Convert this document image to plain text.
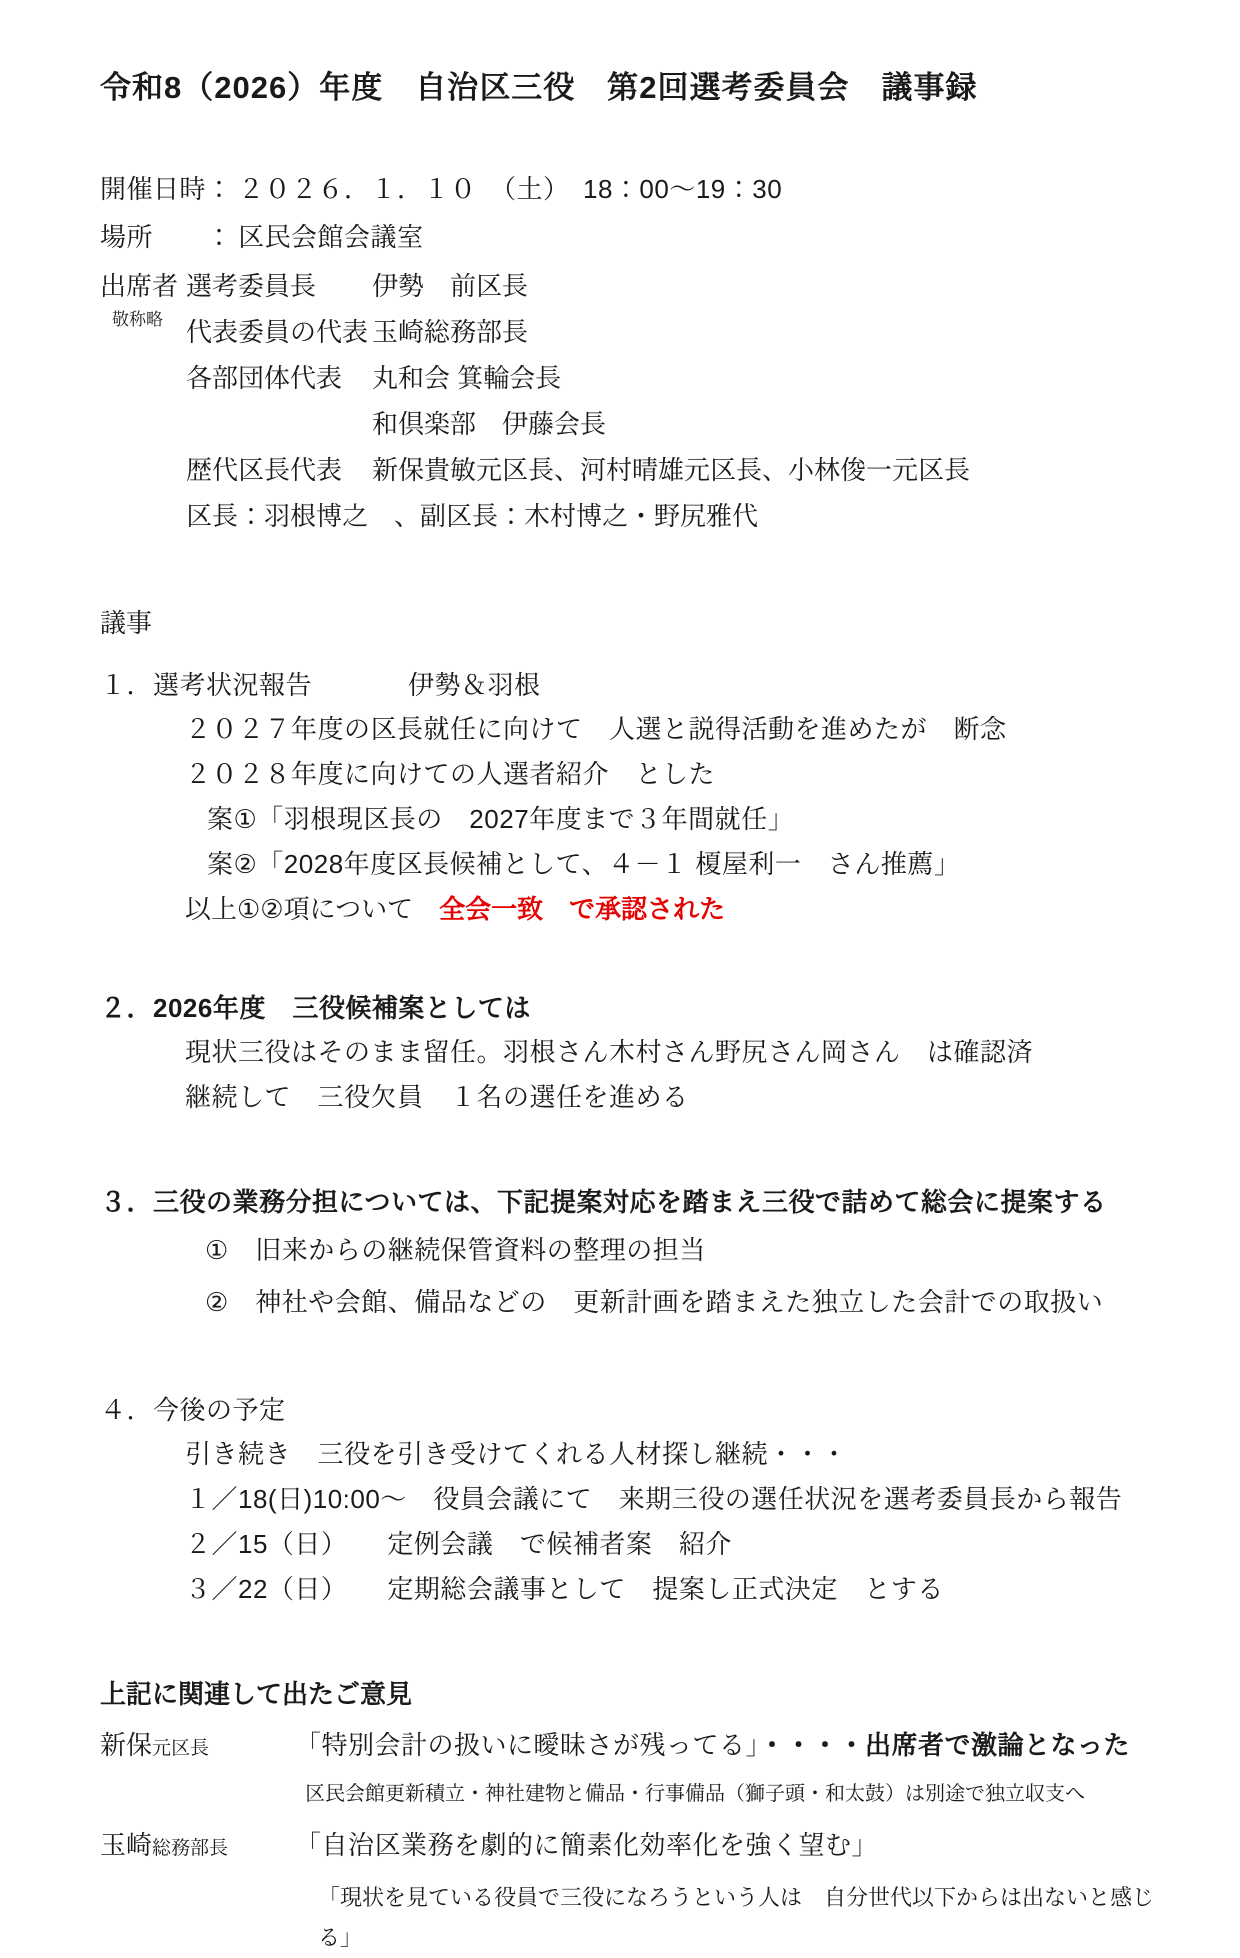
令和8（2026）年度　自治区三役　第2回選考委員会　議事録
開催日時： ２０２６．１．１０　（土）　18：00～19：30
場所　　： 区民会館会議室
出席者
敬称略
選考委員長	伊勢　前区長
代表委員の代表 玉崎総務部長
各部団体代表	丸和会 箕輪会長
和倶楽部　伊藤会長
歴代区長代表	新保貴敏元区長、河村晴雄元区長、小林俊一元区長
区長：羽根博之　、副区長：木村博之・野尻雅代
議事
１．選考状況報告	伊勢＆羽根
２０２７年度の区長就任に向けて　人選と説得活動を進めたが　断念
２０２８年度に向けての人選者紹介　とした
案①「羽根現区長の　2027年度まで３年間就任」
案②「2028年度区長候補として、４－１ 榎屋利一　さん推薦」
以上①②項について 全会一致　で承認された
２．2026年度　三役候補案としては
現状三役はそのまま留任。羽根さん木村さん野尻さん岡さん　は確認済
継続して　三役欠員　１名の選任を進める
３．三役の業務分担については、下記提案対応を踏まえ三役で詰めて総会に提案する
①　旧来からの継続保管資料の整理の担当
②　神社や会館、備品などの　更新計画を踏まえた独立した会計での取扱い
４．今後の予定
引き続き　三役を引き受けてくれる人材探し継続・・・
１／18(日)10:00～　役員会議にて　来期三役の選任状況を選考委員長から報告
２／15（日）　　定例会議　で候補者案　紹介
３／22（日）　　定期総会議事として　提案し正式決定　とする
上記に関連して出たご意見
新保元区長	「特別会計の扱いに曖昧さが残ってる」・・・・出席者で激論となった
区民会館更新積立・神社建物と備品・行事備品（獅子頭・和太鼓）は別途で独立収支へ
玉崎総務部長	「自治区業務を劇的に簡素化効率化を強く望む」
「現状を見ている役員で三役になろうという人は　自分世代以下からは出ないと感じる」
